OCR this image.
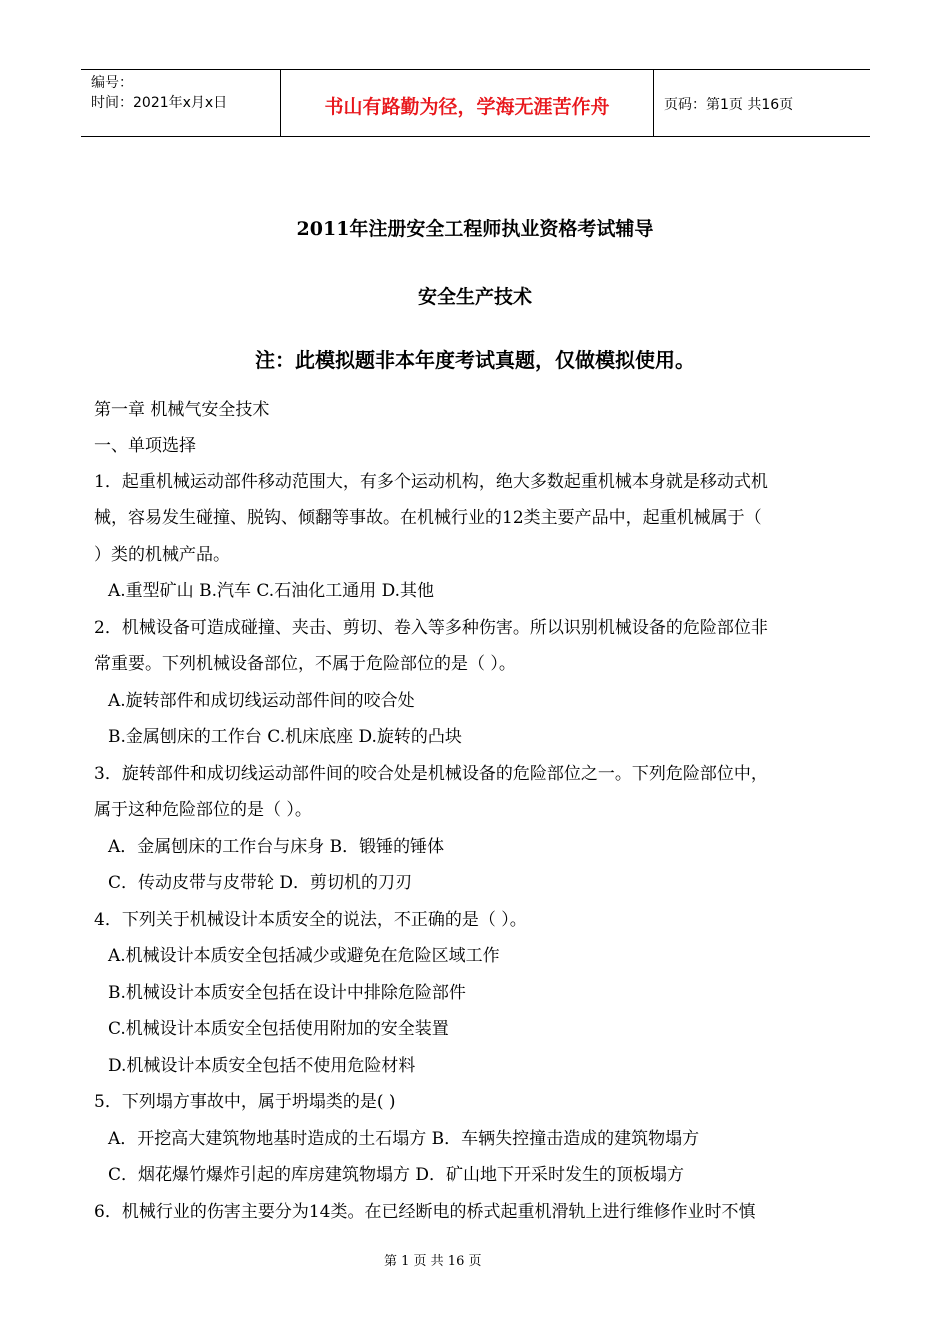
编号：
时间：2021年x月x日	书山有路勤为径，学海无涯苦作舟	页码：第1页 共16页
2011年注册安全工程师执业资格考试辅导
安全生产技术
注：此模拟题非本年度考试真题，仅做模拟使用。
第一章 机械气安全技术
一、单项选择
1．起重机械运动部件移动范围大，有多个运动机构，绝大多数起重机械本身就是移动式机
械，容易发生碰撞、脱钩、倾翻等事故。在机械行业的12类主要产品中，起重机械属于（
）类的机械产品。
A.重型矿山 B.汽车 C.石油化工通用 D.其他
2．机械设备可造成碰撞、夹击、剪切、卷入等多种伤害。所以识别机械设备的危险部位非
常重要。下列机械设备部位，不属于危险部位的是（ ）。
A.旋转部件和成切线运动部件间的咬合处
B.金属刨床的工作台 C.机床底座 D.旋转的凸块
3．旋转部件和成切线运动部件间的咬合处是机械设备的危险部位之一。下列危险部位中，
属于这种危险部位的是（ ）。
A．金属刨床的工作台与床身 B．锻锤的锤体
C．传动皮带与皮带轮 D．剪切机的刀刃
4．下列关于机械设计本质安全的说法，不正确的是（ ）。
A.机械设计本质安全包括减少或避免在危险区域工作
B.机械设计本质安全包括在设计中排除危险部件
C.机械设计本质安全包括使用附加的安全装置
D.机械设计本质安全包括不使用危险材料
5．下列塌方事故中，属于坍塌类的是( )
A．开挖高大建筑物地基时造成的土石塌方 B．车辆失控撞击造成的建筑物塌方
C．烟花爆竹爆炸引起的库房建筑物塌方 D．矿山地下开采时发生的顶板塌方
6．机械行业的伤害主要分为14类。在已经断电的桥式起重机滑轨上进行维修作业时不慎
第 1 页 共 16 页
